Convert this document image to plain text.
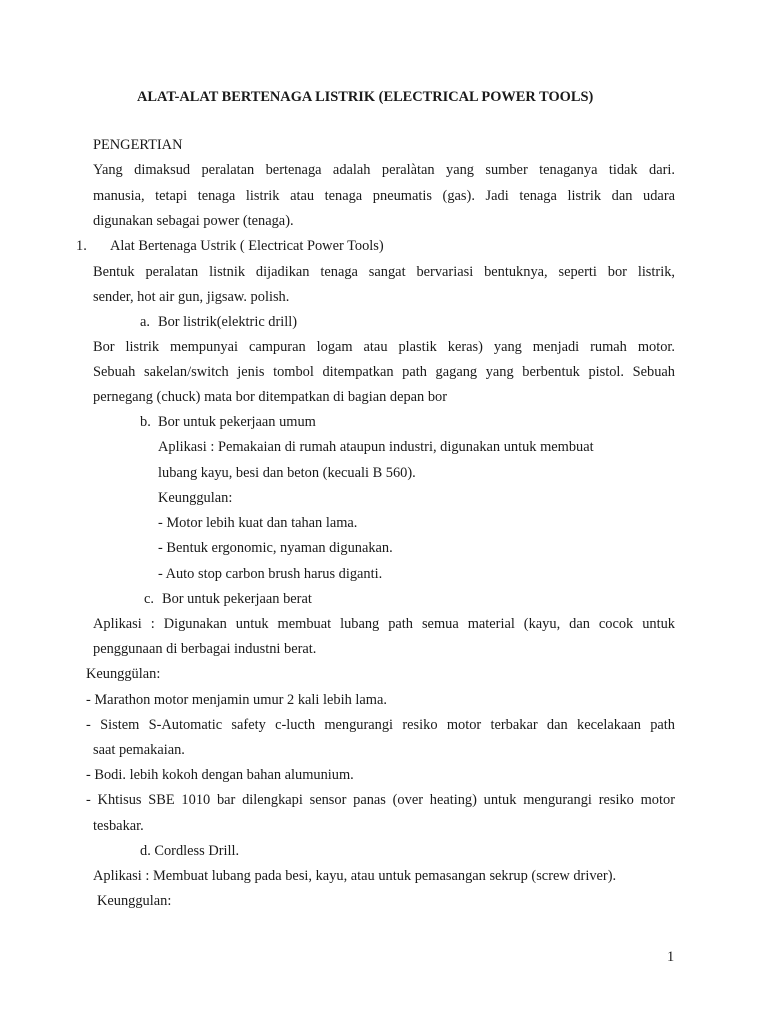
ALAT-ALAT BERTENAGA LISTRIK (ELECTRICAL POWER TOOLS)
PENGERTIAN
Yang dimaksud peralatan bertenaga adalah peralàtan yang sumber tenaganya tidak dari.
manusia, tetapi tenaga listrik atau tenaga pneumatis (gas). Jadi tenaga listrik dan udara
digunakan sebagai power (tenaga).
1. Alat Bertenaga Ustrik ( Electricat Power Tools)
Bentuk peralatan listnik dijadikan tenaga sangat bervariasi bentuknya, seperti bor listrik,
sender, hot air gun, jigsaw. polish.
a. Bor listrik(elektric drill)
Bor listrik mempunyai campuran logam atau plastik keras) yang menjadi rumah motor.
Sebuah sakelan/switch jenis tombol ditempatkan path gagang yang berbentuk pistol. Sebuah
pernegang (chuck) mata bor ditempatkan di bagian depan bor
b. Bor untuk pekerjaan umum
Aplikasi : Pemakaian di rumah ataupun industri, digunakan untuk membuat
lubang kayu, besi dan beton (kecuali B 560).
Keunggulan:
- Motor lebih kuat dan tahan lama.
- Bentuk ergonomic, nyaman digunakan.
- Auto stop carbon brush harus diganti.
c. Bor untuk pekerjaan berat
Aplikasi : Digunakan untuk membuat lubang path semua material (kayu, dan cocok untuk
penggunaan di berbagai industni berat.
Keunggülan:
- Marathon motor menjamin umur 2 kali lebih lama.
- Sistem S-Automatic safety c-lucth mengurangi resiko motor terbakar dan kecelakaan path
saat pemakaian.
- Bodi. lebih kokoh dengan bahan alumunium.
- Khtisus SBE 1010 bar dilengkapi sensor panas (over heating) untuk mengurangi resiko motor
tesbakar.
d. Cordless Drill.
Aplikasi : Membuat lubang pada besi, kayu, atau untuk pemasangan sekrup (screw driver).
Keunggulan:
1
